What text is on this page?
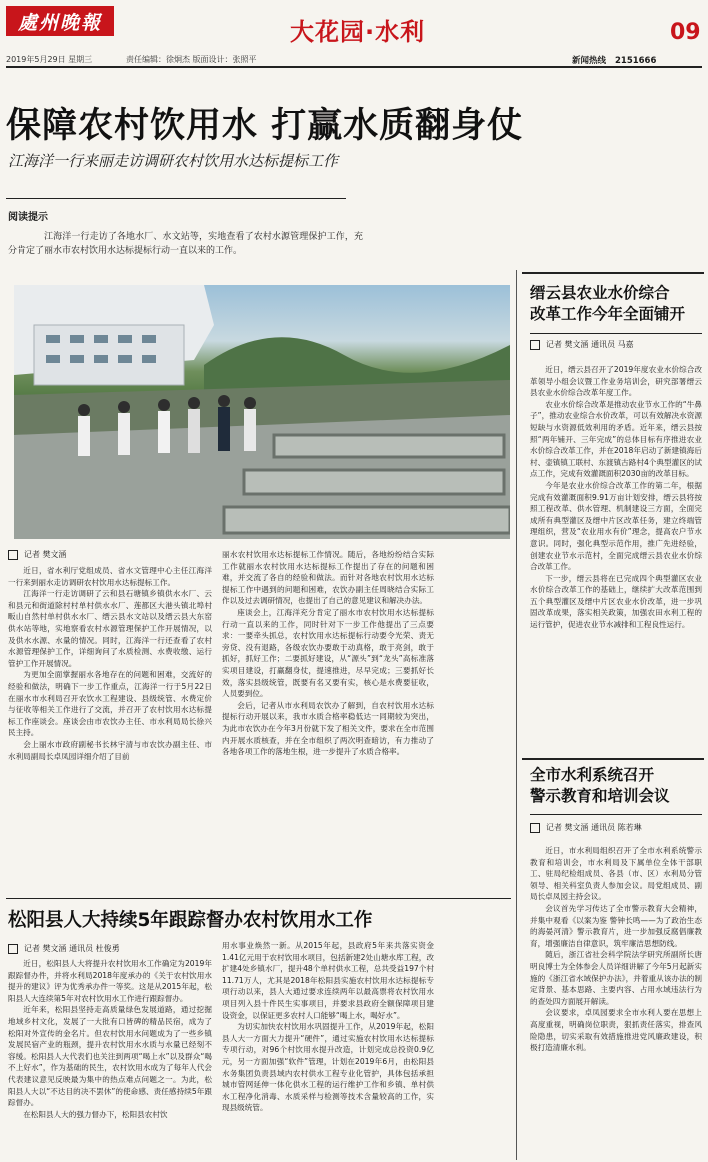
處州晚報	大花园·水利	09
2019年5月29日 星期三	责任编辑：徐炯杰 版面设计：张照平	新闻热线 2151666
保障农村饮用水 打赢水质翻身仗
江海洋一行来丽走访调研农村饮用水达标提标工作
阅读提示
江海洋一行走访了各地水厂、水文站等，实地查看了农村水源管理保护工作，充分肯定了丽水市农村饮用水达标提标行动一直以来的工作。
记者 樊文涵

近日，省水利厅党组成员、省水文管理中心主任江海洋一行来到丽水走访调研农村饮用水达标提标工作。

江海洋一行走访调研了云和县石塘镇乡镇供水水厂、云和县元和街道除村村单村供水水厂、莲都区大港头镇北埠村畈山自然村单村供水水厂、缙云县水文站以及缙云县大东窑供水站等地，实地察看农村水源管理保护工作开展情况，以及供水水源、水量的情况。同时，江海洋一行还查看了农村水源管理保护工作，详细询问了水质检测、水费收缴、运行管护工作开展情况。

为更加全面掌握丽水各地存在的问题和困难，交流好的经验和做法，明确下一步工作重点，江海洋一行于5月22日在丽水市水利局召开农饮水工程建设、县级统管、水费定价与征收等相关工作进行了交流，并召开了农村饮用水达标提标工作座谈会。座谈会由市农饮办主任、市水利局局长徐兴民主持。

会上丽水市政府副秘书长林宇清与市农饮办副主任、市水利局副局长卓凤园详细介绍了目前

丽水农村饮用水达标提标工作情况。随后，各地纷纷结合实际工作就丽水农村饮用水达标提标工作提出了存在的问题和困难，并交流了各自的经验和做法。而针对各地农村饮用水达标提标工作中遇到的问题和困难，农饮办副主任周晓结合实际工作以及过去调研情况，也提出了自己的意见建议和解决办法。

座谈会上，江海洋充分肯定了丽水市农村饮用水达标提标行动一直以来的工作，同时针对下一步工作他提出了三点要求：一要牵头抓总，农村饮用水达标提标行动要令光荣、责无旁贷、没有退路，各级农饮办要敢于动真格，敢于亮剑，敢于抓好，抓好工作；二要抓好建设，从“源头”到“龙头”高标准落实项目建设，打赢翻身仗，提速推进，尽早完成；三要抓好长效，落实县级统管，既要有名又要有实，核心是水费要征收，人员要到位。

会后，记者从市水利局农饮办了解到，自农村饮用水达标提标行动开展以来，我市水质合格率稳低达一同期较为突出，为此市农饮办在今年3月份就下发了相关文件，要求在全市范围内开展水质核查，并在全市组织了两次明查暗访，有力推动了各地各项工作的落地生根，进一步提升了水质合格率。

松阳县人大持续5年跟踪督办农村饮用水工作
记者 樊文涵 通讯员 杜俊勇

近日，松阳县人大将提升农村饮用水工作确定为2019年跟踪督办件，并将水利局2018年度承办的《关于农村饮用水提升的建议》评为优秀承办件一等奖。这是从2015年起，松阳县人大连续第5年对农村饮用水工作进行跟踪督办。

近年来，松阳县坚持走高质量绿色发展道路，通过挖掘地域乡村文化，发展了一大批有口皆碑的精品民宿，成为了松阳对外宣传的金名片。但农村饮用水问题成为了一些乡镇发展民宿产业的瓶颈，提升农村饮用水水质与水量已经刻不容缓。松阳县人大代表们也关注到两项“喝上水”以及群众“喝不上好水”，作为基础的民生，农村饮用水成为了每年人代会代表建议意见反映最为集中的热点难点问题之一。为此，松阳县人大以“不达目的决不罢休”的使命感、责任感持续5年跟踪督办。

在松阳县人大的强力督办下，松阳县农村饮

用水事业焕然一新。从2015年起，县政府5年来共落实资金1.41亿元用于农村饮用水项目，包括新建2处山塘水库工程，改扩建4处乡镇水厂，提升48个单村供水工程，总共受益197个村11.71万人，尤其是2018年松阳县实施农村饮用水达标提标专项行动以来，县人大通过要求连续两年以最高票将农村饮用水项目列入县十件民生实事项目，并要求县政府全额保障项目建设资金，以保证更多农村人口能够“喝上水，喝好水”。

为切实加快农村饮用水巩固提升工作，从2019年起，松阳县人大一方面大力提升“硬件”，通过实施农村饮用水达标提标专项行动，对96个村饮用水提升改造，计划完成总投资0.9亿元，另一方面加强“软件”管理，计划在2019年6月，由松阳县水务集团负责县域内农村供水工程专业化管护，具体包括承担城市管网延伸一体化供水工程的运行维护工作和乡镇、单村供水工程净化消毒、水质采样与检测等技术含量较高的工作，实现县级统管。

缙云县农业水价综合
改革工作今年全面铺开
记者 樊文涵 通讯员 马嘉

近日，缙云县召开了2019年度农业水价综合改革领导小组会议暨工作业务培训会，研究部署缙云县农业水价综合改革年度工作。

农业水价综合改革是推动农业节水工作的“牛鼻子”，推动农业综合水价改革，可以有效解决水资源短缺与水资源低效利用的矛盾。近年来，缙云县按照“两年铺开、三年完成”的总体目标有序推进农业水价综合改革工作，并在2018年启动了新建镇海后村、壶镇镇工联村、东渡镇古路村4个典型灌区的试点工作，完成有效灌溉面积2030亩的改革目标。

今年是农业水价综合改革工作的第二年，根据完成有效灌溉面积9.91万亩计划安排，缙云县将按照工程改革、供水管理、机制建设三方面，全面完成所有典型灌区及缙中片区改革任务，建立终端管理组织，营及“农业用水有价”理念，提高农户节水意识。同时，强化典型示范作用，推广先进经验，创建农业节水示范村，全面完成缙云县农业水价综合改革工作。

下一步，缙云县将在已完成四个典型灌区农业水价综合改革工作的基础上，继续扩大改革范围到五个典型灌区及缙中片区农业水价改革，进一步巩固改革成果，落实相关政策，加强农田水利工程的运行管护，促进农业节水减排和工程良性运行。

全市水利系统召开
警示教育和培训会议
记者 樊文涵 通讯员 陈若琳

近日，市水利局组织召开了全市水利系统警示教育和培训会，市水利局及下属单位全体干部职工、驻局纪检组成员、各县（市、区）水利局分管领导、相关科室负责人参加会议。局党组成员、副局长卓凤园主持会议。

会议首先学习传达了全市警示教育大会精神，并集中观看《以案为鉴 警钟长鸣——为了政治生态的海晏河清》警示教育片，进一步加强反腐倡廉教育，增强廉洁自律意识，筑牢廉洁思想防线。

随后，浙江省社会科学院法学研究所副所长唐明良博士为全体参会人员详细讲解了今年5月起新实施的《浙江省水域保护办法》，并着重从该办法的制定背景、基本思路、主要内容、占用水域违法行为的查处四方面展开解读。

会议要求，卓凤园要求全市水利人要在思想上高度重视，明确岗位职责，狠抓责任落实，排查风险隐患，切实采取有效措施推进党风廉政建设，积极打造清廉水利。
